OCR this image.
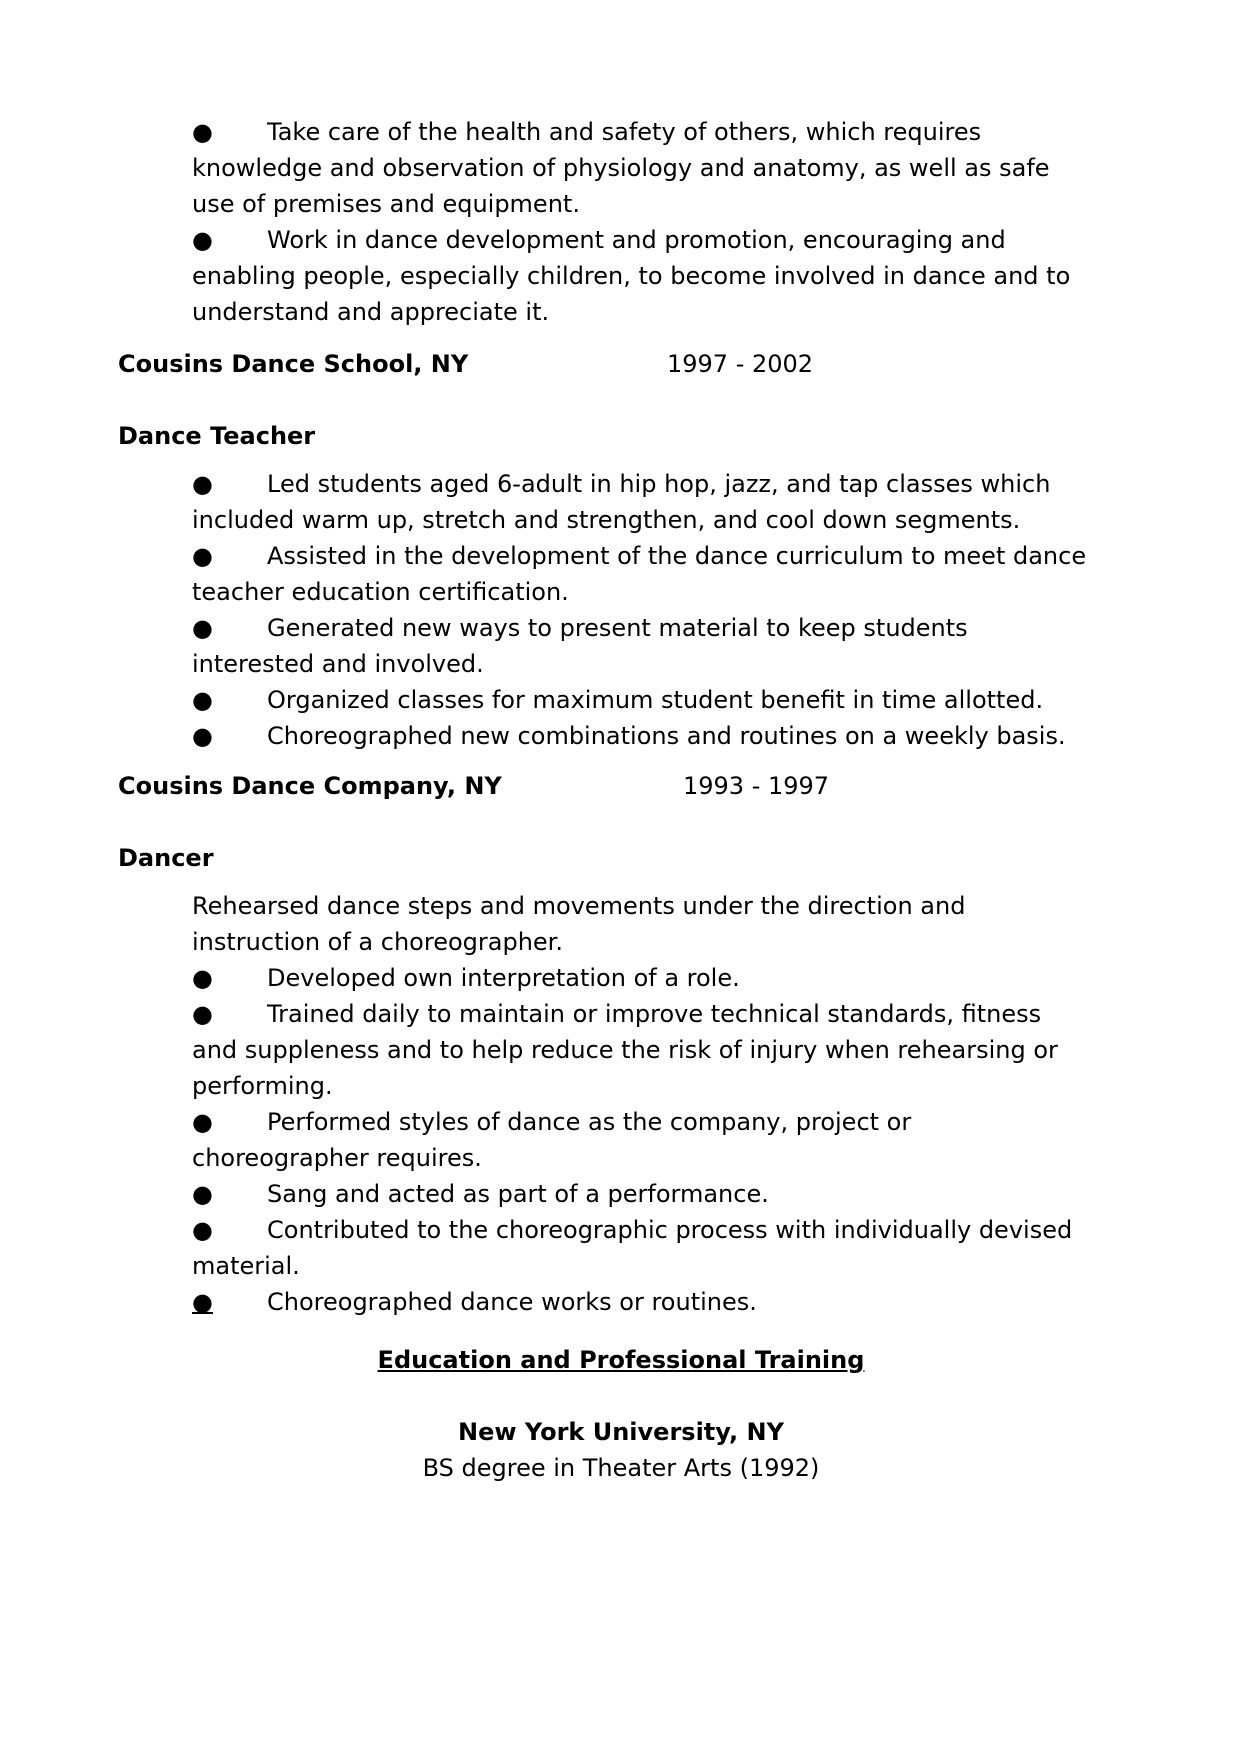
● Take care of the health and safety of others, which requires
knowledge and observation of physiology and anatomy, as well as safe
use of premises and equipment.
● Work in dance development and promotion, encouraging and
enabling people, especially children, to become involved in dance and to
understand and appreciate it.
Cousins Dance School, NY	1997 - 2002
Dance Teacher
● Led students aged 6-adult in hip hop, jazz, and tap classes which
included warm up, stretch and strengthen, and cool down segments.
● Assisted in the development of the dance curriculum to meet dance
teacher education certification.
● Generated new ways to present material to keep students
interested and involved.
● Organized classes for maximum student benefit in time allotted.
● Choreographed new combinations and routines on a weekly basis.
Cousins Dance Company, NY	1993 - 1997
Dancer
Rehearsed dance steps and movements under the direction and
instruction of a choreographer.
● Developed own interpretation of a role.
● Trained daily to maintain or improve technical standards, fitness
and suppleness and to help reduce the risk of injury when rehearsing or
performing.
● Performed styles of dance as the company, project or
choreographer requires.
● Sang and acted as part of a performance.
● Contributed to the choreographic process with individually devised
material.
● Choreographed dance works or routines.
Education and Professional Training
New York University, NY
BS degree in Theater Arts (1992)
